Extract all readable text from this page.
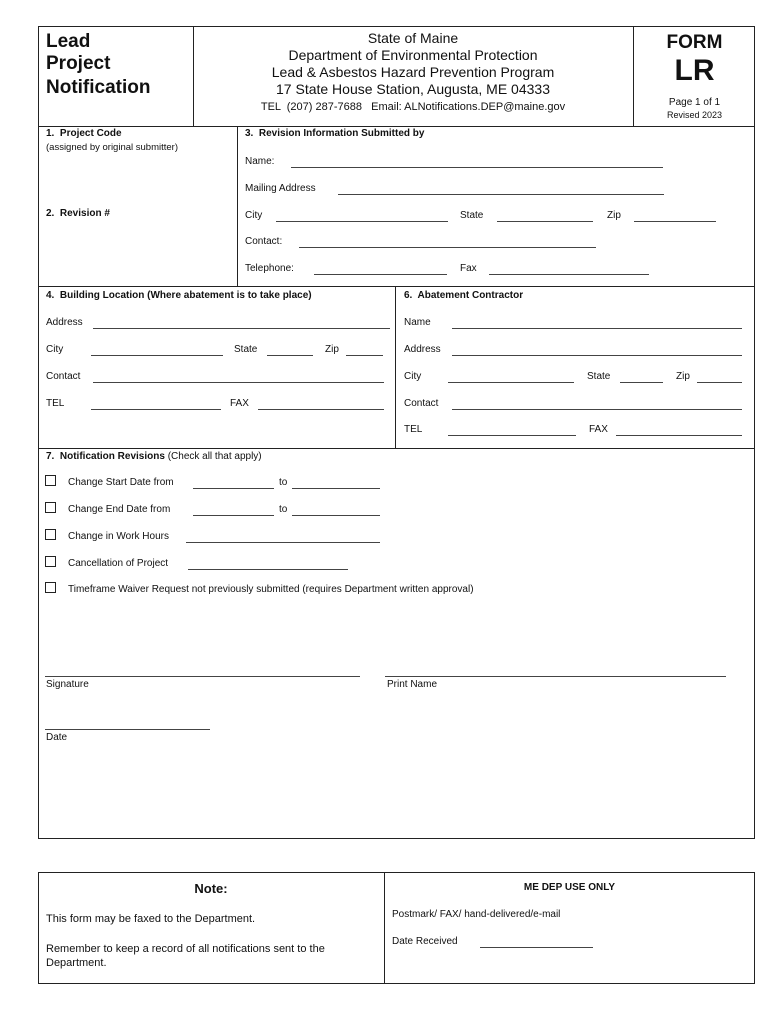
Lead
Project
Notification
State of Maine
Department of Environmental Protection
Lead & Asbestos Hazard Prevention Program
17 State House Station, Augusta, ME 04333
TEL  (207) 287-7688   Email: ALNotifications.DEP@maine.gov
FORM
LR
Page 1 of 1
Revised 2023
1.  Project Code
(assigned by original submitter)
2.  Revision #
3.  Revision Information Submitted by
Name:
Mailing Address
City	State	Zip
Contact:
Telephone:	Fax
4.  Building Location (Where abatement is to take place)
Address
City	State	Zip
Contact
TEL	FAX
6.  Abatement Contractor
Name
Address
City	State	Zip
Contact
TEL	FAX
7.  Notification Revisions (Check all that apply)
Change Start Date from	to
Change End Date from	to
Change in Work Hours
Cancellation of Project
Timeframe Waiver Request not previously submitted (requires Department written approval)
Signature	Print Name
Date
Note:
This form may be faxed to the Department.
Remember to keep a record of all notifications sent to the
Department.
ME DEP USE ONLY
Postmark/ FAX/ hand-delivered/e-mail
Date Received
